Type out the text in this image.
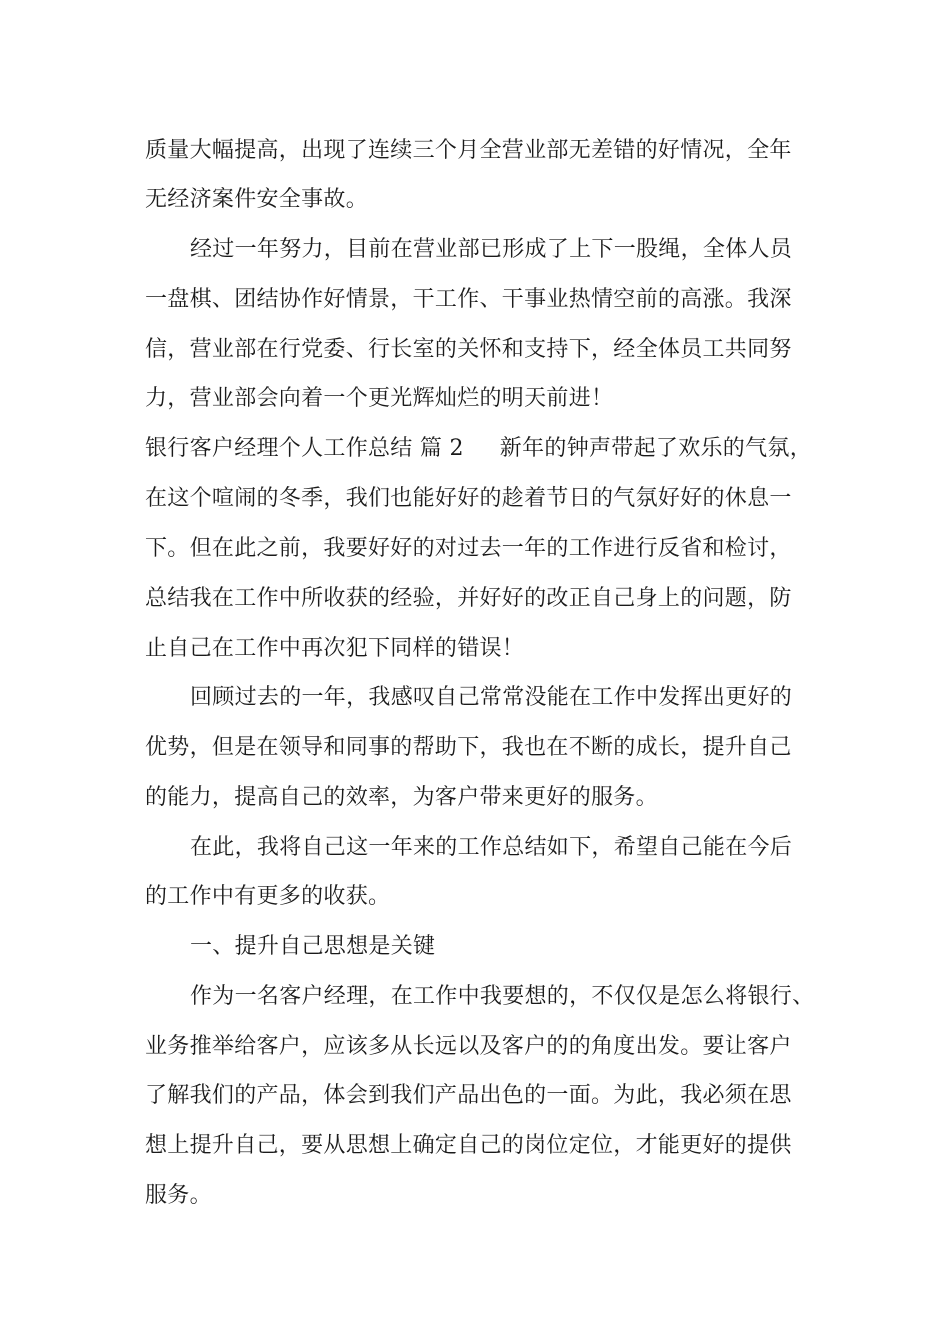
质量大幅提高，出现了连续三个月全营业部无差错的好情况，全年
无经济案件安全事故。
经过一年努力，目前在营业部已形成了上下一股绳，全体人员
一盘棋、团结协作好情景，干工作、干事业热情空前的高涨。我深
信，营业部在行党委、行长室的关怀和支持下，经全体员工共同努
力，营业部会向着一个更光辉灿烂的明天前进！
银行客户经理个人工作总结 篇 2 新年的钟声带起了欢乐的气氛，
在这个喧闹的冬季，我们也能好好的趁着节日的气氛好好的休息一
下。但在此之前，我要好好的对过去一年的工作进行反省和检讨，
总结我在工作中所收获的经验，并好好的改正自己身上的问题，防
止自己在工作中再次犯下同样的错误！
回顾过去的一年，我感叹自己常常没能在工作中发挥出更好的
优势，但是在领导和同事的帮助下，我也在不断的成长，提升自己
的能力，提高自己的效率，为客户带来更好的服务。
在此，我将自己这一年来的工作总结如下，希望自己能在今后
的工作中有更多的收获。
一、提升自己思想是关键
作为一名客户经理，在工作中我要想的，不仅仅是怎么将银行、
业务推举给客户，应该多从长远以及客户的的角度出发。要让客户
了解我们的产品，体会到我们产品出色的一面。为此，我必须在思
想上提升自己，要从思想上确定自己的岗位定位，才能更好的提供
服务。
